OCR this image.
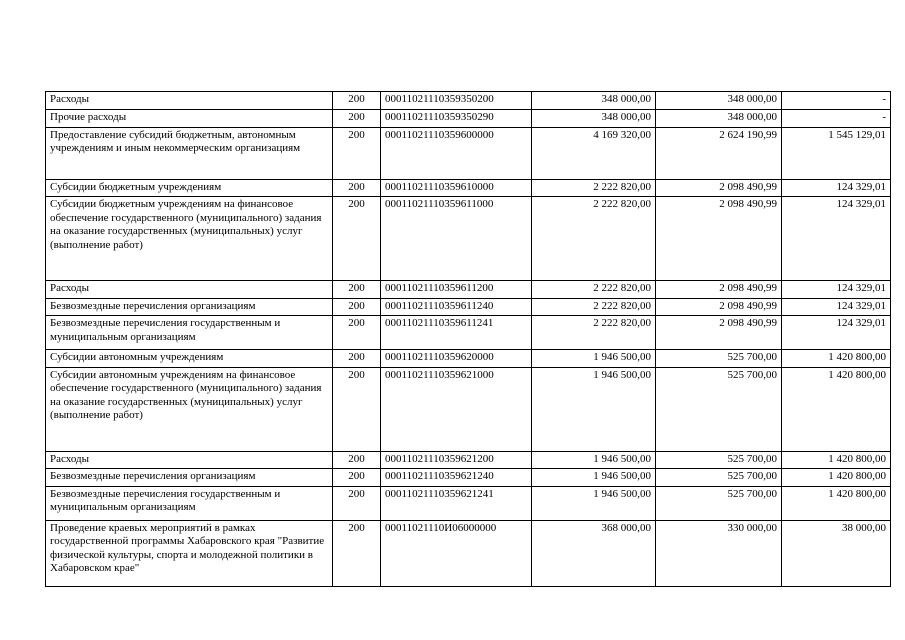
Расходы	200	00011021110359350200	348 000,00	348 000,00	-
Прочие расходы	200	00011021110359350290	348 000,00	348 000,00	-
Предоставление субсидий бюджетным, автономным учреждениям и иным некоммерческим организациям	200	00011021110359600000	4 169 320,00	2 624 190,99	1 545 129,01
Субсидии бюджетным учреждениям	200	00011021110359610000	2 222 820,00	2 098 490,99	124 329,01
Субсидии бюджетным учреждениям на финансовое обеспечение государственного (муниципального) задания на оказание государственных (муниципальных) услуг (выполнение работ)	200	00011021110359611000	2 222 820,00	2 098 490,99	124 329,01
Расходы	200	00011021110359611200	2 222 820,00	2 098 490,99	124 329,01
Безвозмездные перечисления организациям	200	00011021110359611240	2 222 820,00	2 098 490,99	124 329,01
Безвозмездные перечисления государственным и муниципальным организациям	200	00011021110359611241	2 222 820,00	2 098 490,99	124 329,01
Субсидии автономным учреждениям	200	00011021110359620000	1 946 500,00	525 700,00	1 420 800,00
Субсидии автономным учреждениям на финансовое обеспечение государственного (муниципального) задания на оказание государственных (муниципальных) услуг (выполнение работ)	200	00011021110359621000	1 946 500,00	525 700,00	1 420 800,00
Расходы	200	00011021110359621200	1 946 500,00	525 700,00	1 420 800,00
Безвозмездные перечисления организациям	200	00011021110359621240	1 946 500,00	525 700,00	1 420 800,00
Безвозмездные перечисления государственным и муниципальным организациям	200	00011021110359621241	1 946 500,00	525 700,00	1 420 800,00
Проведение краевых мероприятий в рамках государственной программы Хабаровского края "Развитие физической культуры, спорта и молодежной политики в Хабаровском крае"	200	00011021110И06000000	368 000,00	330 000,00	38 000,00
